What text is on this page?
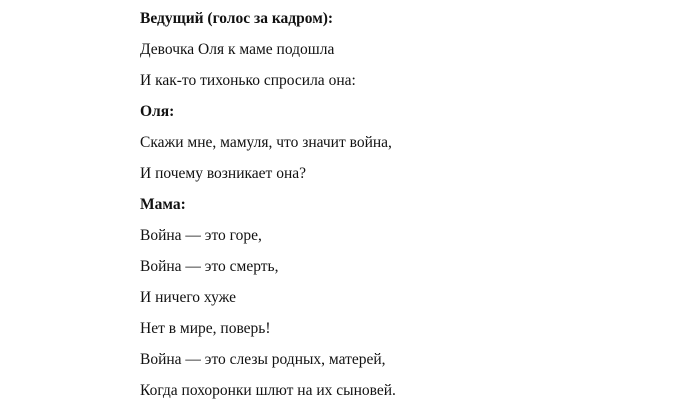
Ведущий (голос за кадром):
Девочка Оля к маме подошла
И как-то тихонько спросила она:
Оля:
Скажи мне, мамуля, что значит война,
И почему возникает она?
Мама:
Война — это горе,
Война — это смерть,
И ничего хуже
Нет в мире, поверь!
Война — это слезы родных, матерей,
Когда похоронки шлют на их сыновей.
